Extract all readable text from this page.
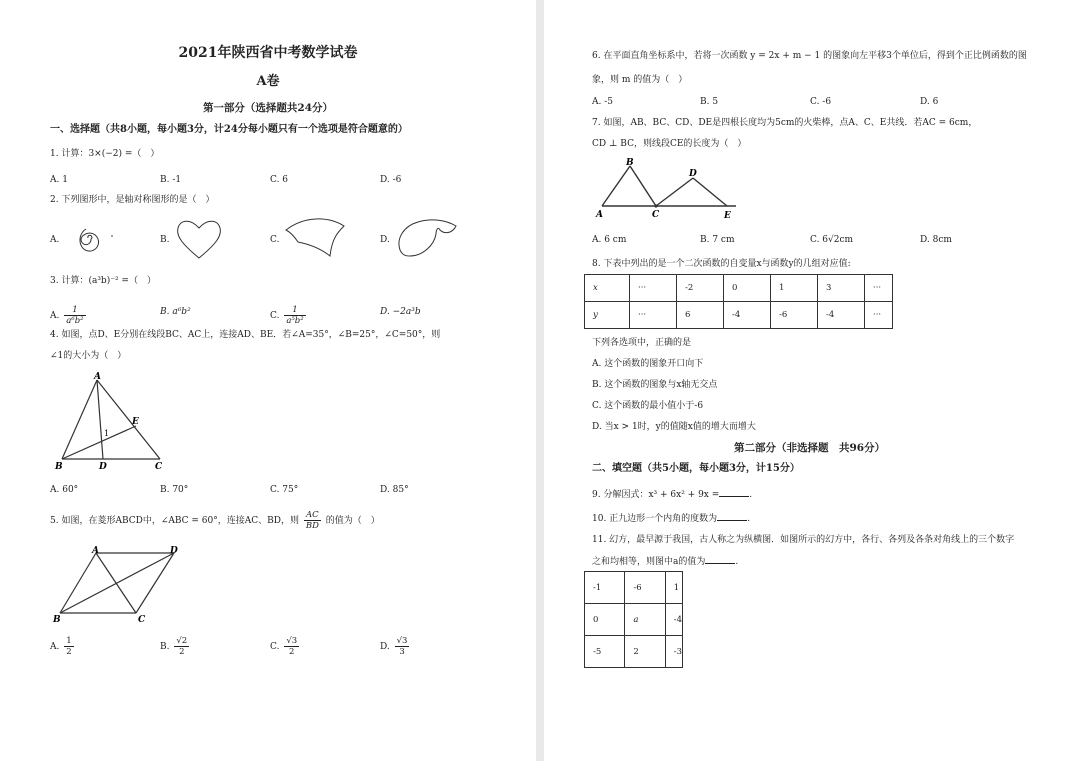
2021年陕西省中考数学试卷
A卷
第一部分（选择题共24分）
一、选择题（共8小题，每小题3分，计24分每小题只有一个选项是符合题意的）
1. 计算：3×(−2) =（　）
A. 1	B. -1	C. 6	D. -6
2. 下列图形中，是轴对称图形的是（　）
A.	B.	C.	D.
3. 计算：(a³b)⁻² =（　）
A. $\frac{1}{\text{a⁶b²}}$	B. a⁶b²	C. $\frac{1}{\text{a⁵b²}}$	D. −2a³b
4. 如图，点D、E分别在线段BC、AC上，连接AD、BE．若∠A=35°，∠B=25°，∠C=50°，则
∠1的大小为（　）
A
B	C
D
E
1
A. 60°	B. 70°	C. 75°	D. 85°
5. 如图，在菱形ABCD中，∠ABC = 60°，连接AC、BD，则 $\frac{AC}{BD}$ 的值为（　）
A
B	C
D
A. $\frac{1}{2}$	B. $\frac{√2}{2}$	C. $\frac{√3}{2}$	D. $\frac{√3}{3}$
6. 在平面直角坐标系中，若将一次函数 y = 2x + m − 1 的图象向左平移3个单位后，得到个正比例函数的图
象，则 m 的值为（　）
A. -5	B. 5	C. -6	D. 6
7. 如图，AB、BC、CD、DE是四根长度均为5cm的火柴棒，点A、C、E共线．若AC = 6cm，
CD ⊥ BC，则线段CE的长度为（　）
A
B
C
D
E
A. 6 cm	B. 7 cm	C. 6√2cm	D. 8cm
8. 下表中列出的是一个二次函数的自变量x与函数y的几组对应值:
x	···	-2	0	1	3	···
y	···	6	-4	-6	-4	···
下列各选项中，正确的是
A. 这个函数的图象开口向下
B. 这个函数的图象与x轴无交点
C. 这个函数的最小值小于-6
D. 当x > 1时，y的值随x值的增大而增大
第二部分（非选择题　共96分）
二、填空题（共5小题，每小题3分，计15分）
9. 分解因式：x³ + 6x² + 9x =	.
10. 正九边形一个内角的度数为	.
11. 幻方，最早源于我国，古人称之为纵横图．如图所示的幻方中，各行、各列及各条对角线上的三个数字
之和均相等，则图中a的值为	.
-1	-6	1
0	a	-4
-5	2	-3
